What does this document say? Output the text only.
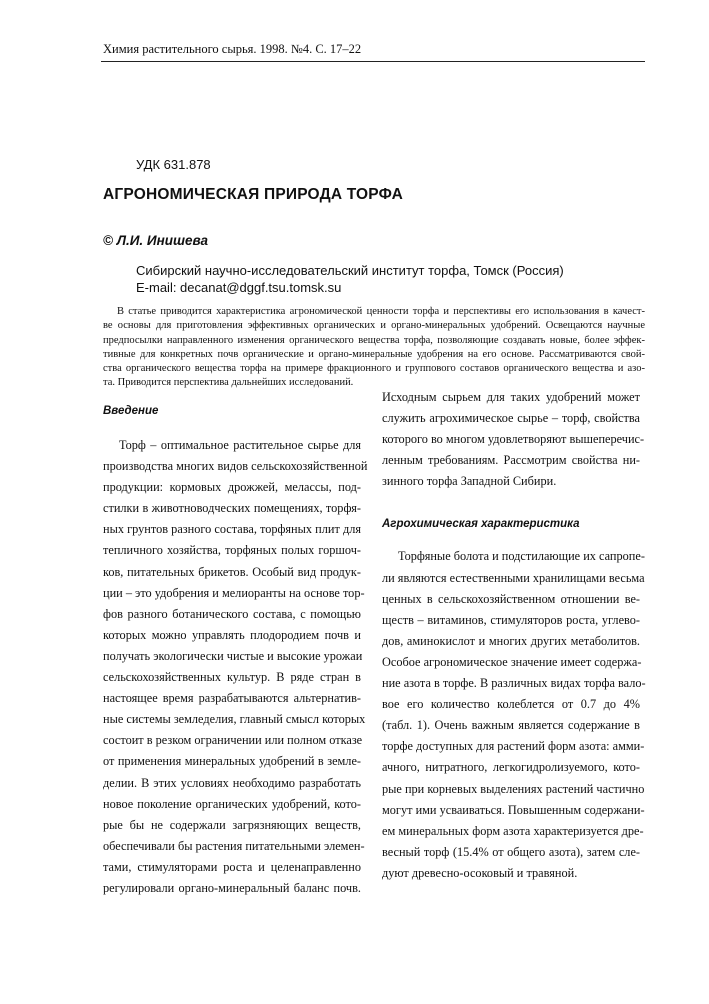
Химия растительного сырья. 1998. №4. С. 17–22
УДК 631.878
АГРОНОМИЧЕСКАЯ ПРИРОДА ТОРФА
© Л.И. Инишева
Сибирский научно-исследовательский институт торфа, Томск (Россия)
E-mail: decanat@dggf.tsu.tomsk.su

В статье приводится характеристика агрономической ценности торфа и перспективы его использования в качест-
ве основы для приготовления эффективных органических и органо-минеральных удобрений. Освещаются научные
предпосылки направленного изменения органического вещества торфа, позволяющие создавать новые, более эффек-
тивные для конкретных почв органические и органо-минеральные удобрения на его основе. Рассматриваются свой-
ства органического вещества торфа на примере фракционного и группового составов органического вещества и азо-
та. Приводится перспектива дальнейших исследований.

Введение

Торф – оптимальное растительное сырье для
производства многих видов сельскохозяйственной
продукции: кормовых дрожжей, мелассы, под-
стилки в животноводческих помещениях, торфя-
ных грунтов разного состава, торфяных плит для
тепличного хозяйства, торфяных полых горшоч-
ков, питательных брикетов. Особый вид продук-
ции – это удобрения и мелиоранты на основе тор-
фов разного ботанического состава, с помощью
которых можно управлять плодородием почв и
получать экологически чистые и высокие урожаи
сельскохозяйственных культур. В ряде стран в
настоящее время разрабатываются альтернатив-
ные системы земледелия, главный смысл которых
состоит в резком ограничении или полном отказе
от применения минеральных удобрений в земле-
делии. В этих условиях необходимо разработать
новое поколение органических удобрений, кото-
рые бы не содержали загрязняющих веществ,
обеспечивали бы растения питательными элемен-
тами, стимуляторами роста и целенаправленно
регулировали органо-минеральный баланс почв.

Исходным сырьем для таких удобрений может
служить агрохимическое сырье – торф, свойства
которого во многом удовлетворяют вышеперечис-
ленным требованиям. Рассмотрим свойства ни-
зинного торфа Западной Сибири.

Агрохимическая характеристика

Торфяные болота и подстилающие их сапропе-
ли являются естественными хранилищами весьма
ценных в сельскохозяйственном отношении ве-
ществ – витаминов, стимуляторов роста, углево-
дов, аминокислот и многих других метаболитов.
Особое агрономическое значение имеет содержа-
ние азота в торфе. В различных видах торфа вало-
вое его количество колеблется от 0.7 до 4%
(табл. 1). Очень важным является содержание в
торфе доступных для растений форм азота: амми-
ачного, нитратного, легкогидролизуемого, кото-
рые при корневых выделениях растений частично
могут ими усваиваться. Повышенным содержани-
ем минеральных форм азота характеризуется дре-
весный торф (15.4% от общего азота), затем сле-
дуют древесно-осоковый и травяной.
